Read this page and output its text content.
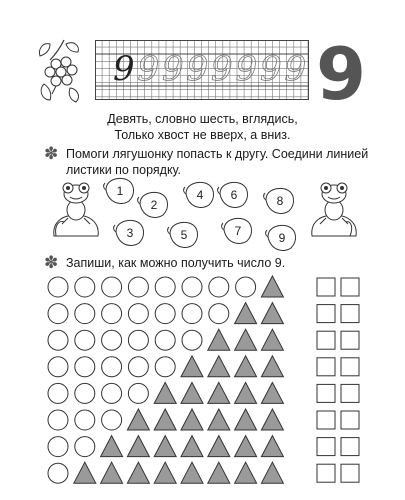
9 9 9 9 9 9 9 9 9
Девять, словно шесть, вглядись,
Только хвост не вверх, а вниз.
✽ Помоги лягушонку попасть к другу. Соедини линией
листики по порядку.
1
2
3
4
5
6
7
8
9
✽ Запиши, как можно получить число 9.
